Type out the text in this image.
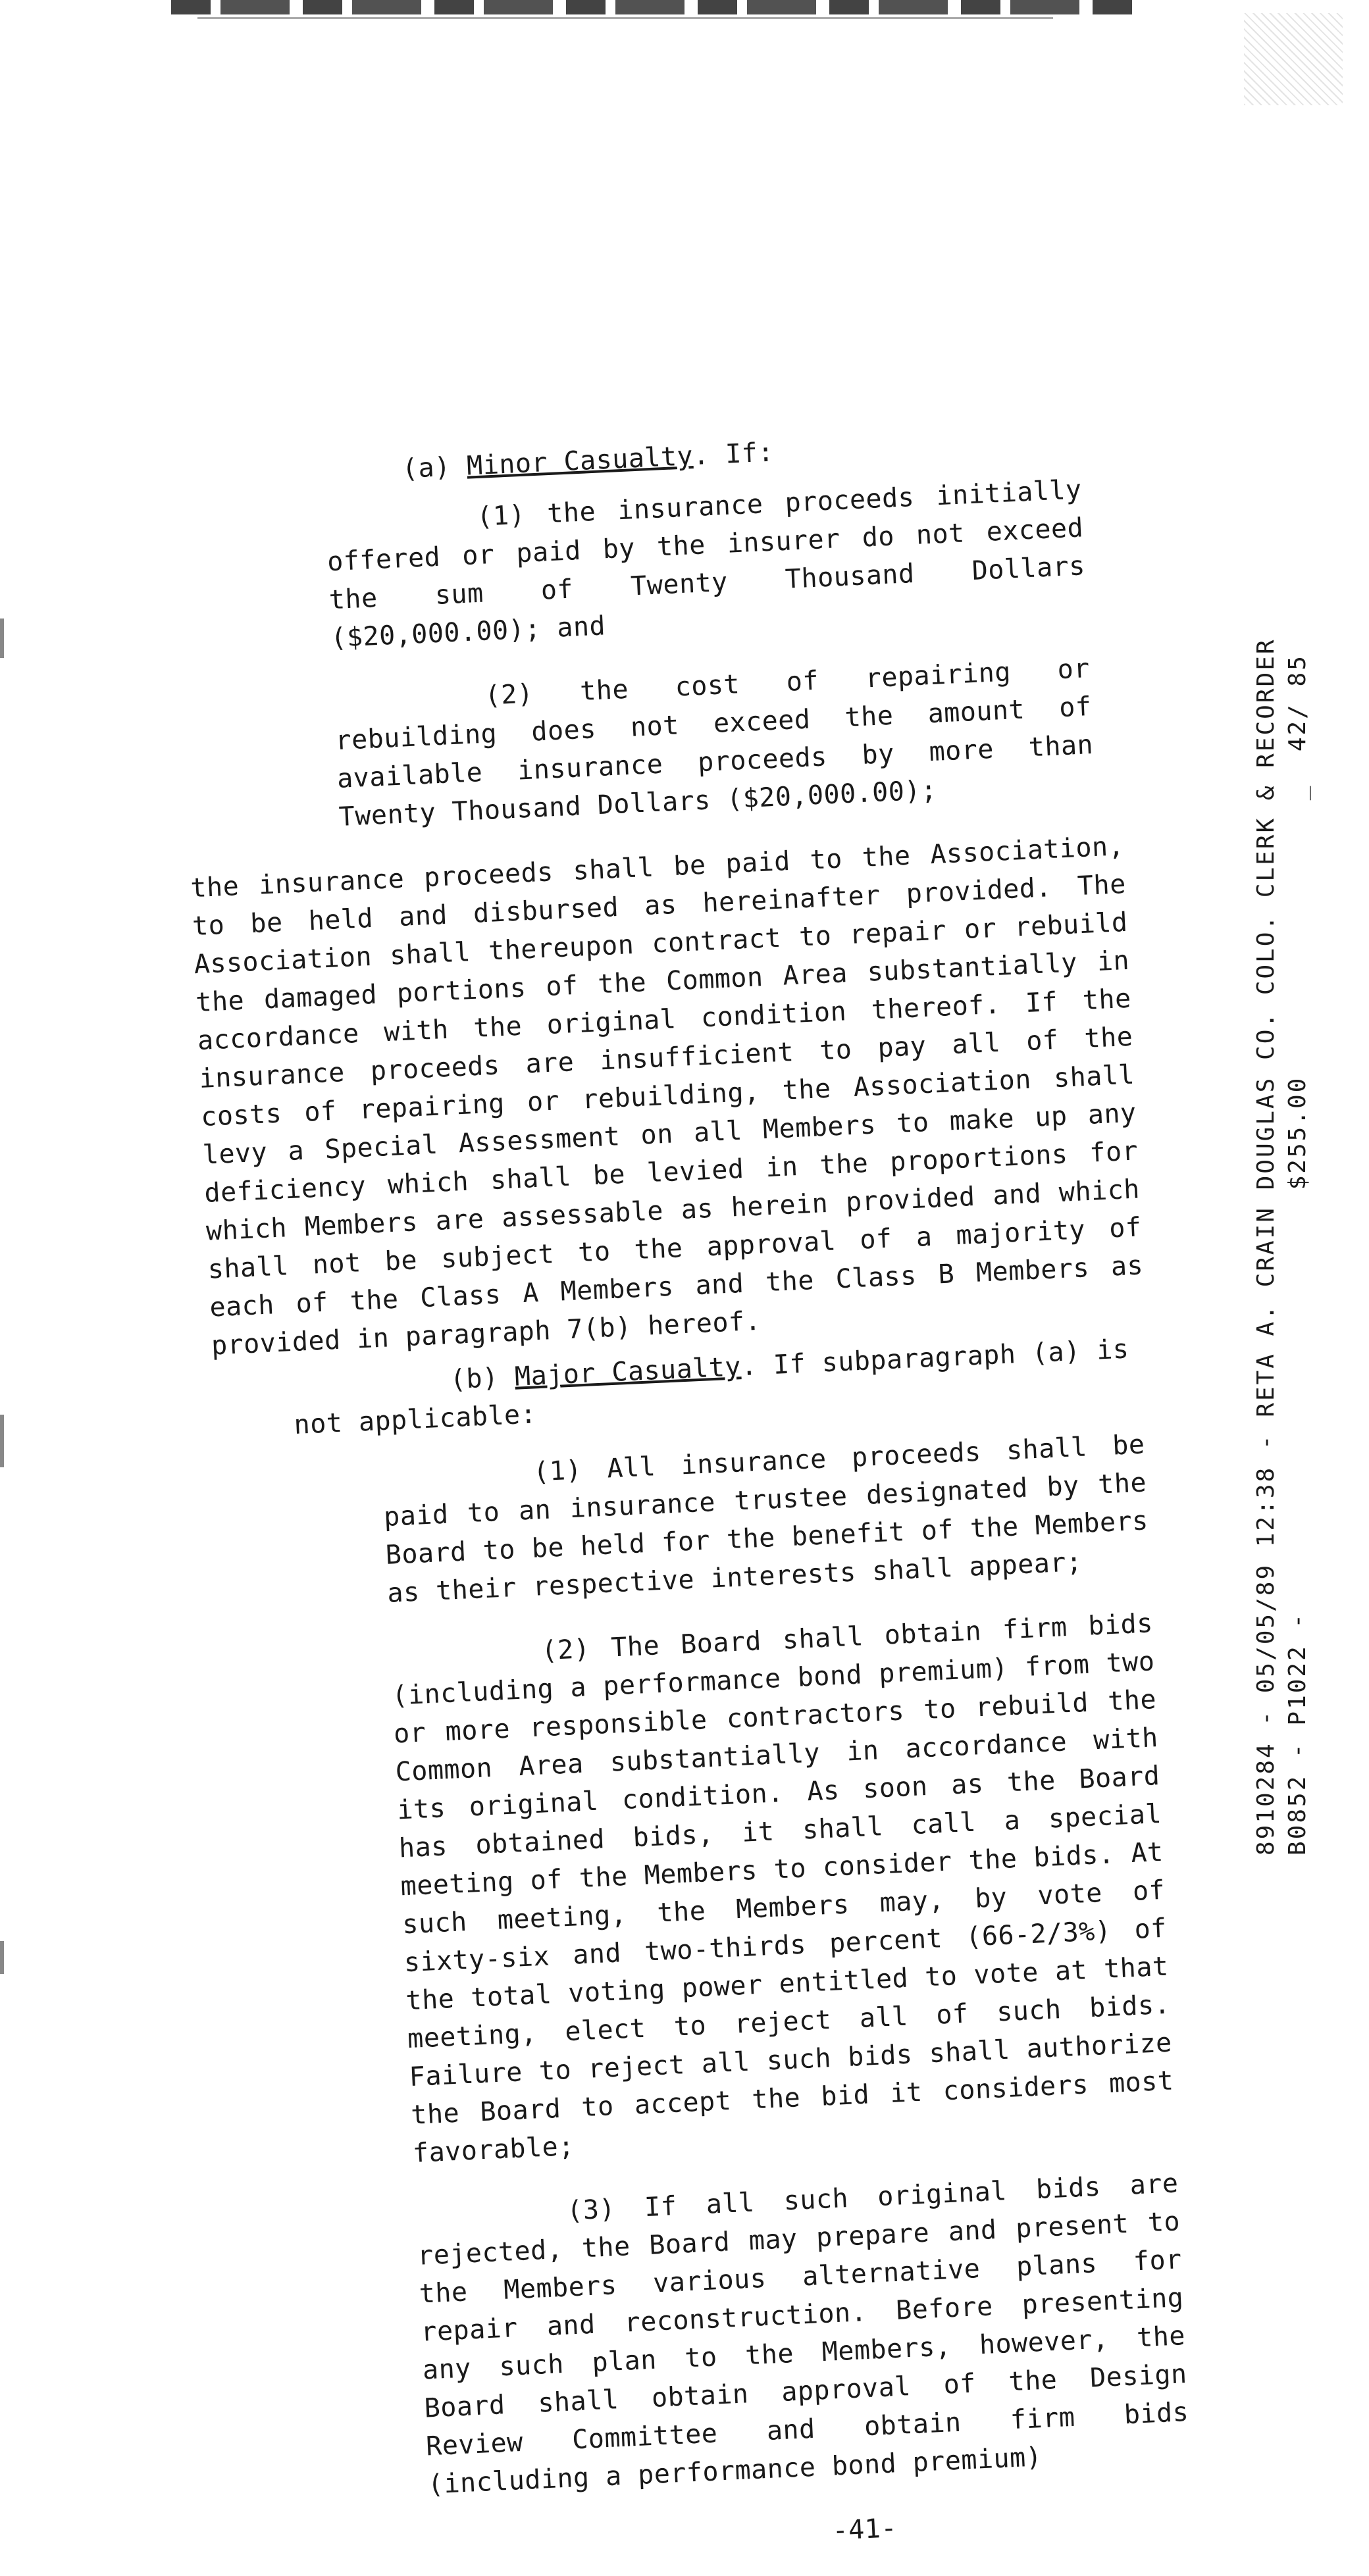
(a) Minor Casualty. If:

(1) the insurance proceeds initially offered or paid by the insurer do not exceed the sum of Twenty Thousand Dollars ($20,000.00); and

(2) the cost of repairing or rebuilding does not exceed the amount of available insurance proceeds by more than Twenty Thousand Dollars ($20,000.00);

the insurance proceeds shall be paid to the Association, to be held and disbursed as hereinafter provided. The Association shall thereupon contract to repair or rebuild the damaged portions of the Common Area substantially in accordance with the original condition thereof. If the insurance proceeds are insufficient to pay all of the costs of repairing or rebuilding, the Association shall levy a Special Assessment on all Members to make up any deficiency which shall be levied in the proportions for which Members are assessable as herein provided and which shall not be subject to the approval of a majority of each of the Class A Members and the Class B Members as provided in paragraph 7(b) hereof.
(b) Major Casualty. If subparagraph (a) is
not applicable:

(1) All insurance proceeds shall be paid to an insurance trustee designated by the Board to be held for the benefit of the Members as their respective interests shall appear;

(2) The Board shall obtain firm bids (including a performance bond premium) from two or more responsible contractors to rebuild the Common Area substantially in accordance with its original condition. As soon as the Board has obtained bids, it shall call a special meeting of the Members to consider the bids. At such meeting, the Members may, by vote of sixty-six and two-thirds percent (66-2/3%) of the total voting power entitled to vote at that meeting, elect to reject all of such bids. Failure to reject all such bids shall authorize the Board to accept the bid it considers most favorable;

(3) If all such original bids are rejected, the Board may prepare and present to the Members various alternative plans for repair and reconstruction. Before presenting any such plan to the Members, however, the Board shall obtain approval of the Design Review Committee and obtain firm bids (including a performance bond premium)

-41-
8910284 - 05/05/89 12:38 - RETA A. CRAIN DOUGLAS CO. COLO. CLERK & RECORDER B0852 - P1022 -                          $255.00                 _  42/ 85
